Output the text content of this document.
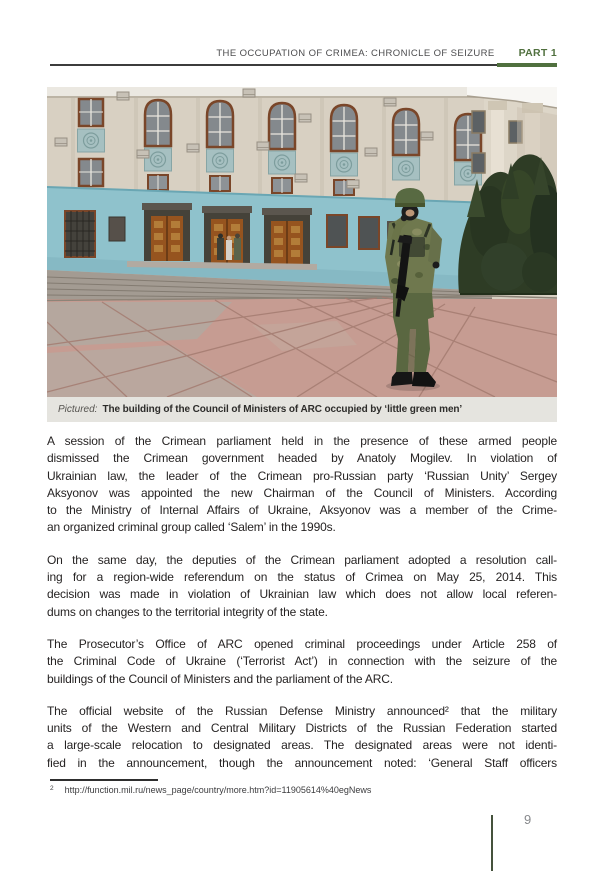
THE OCCUPATION OF CRIMEA: CHRONICLE OF SEIZURE PART 1
Pictured: The building of the Council of Ministers of ARC occupied by ‘little green men’
A session of the Crimean parliament held in the presence of these armed people
dismissed the Crimean government headed by Anatoly Mogilev. In violation of
Ukrainian law, the leader of the Crimean pro-Russian party ‘Russian Unity’ Sergey
Aksyonov was appointed the new Chairman of the Council of Ministers. According
to the Ministry of Internal Affairs of Ukraine, Aksyonov was a member of the Crime-
an organized criminal group called ‘Salem’ in the 1990s.
On the same day, the deputies of the Crimean parliament adopted a resolution call-
ing for a region-wide referendum on the status of Crimea on May 25, 2014. This
decision was made in violation of Ukrainian law which does not allow local referen-
dums on changes to the territorial integrity of the state.
The Prosecutor’s Office of ARC opened criminal proceedings under Article 258 of
the Criminal Code of Ukraine (‘Terrorist Act’) in connection with the seizure of the
buildings of the Council of Ministers and the parliament of the ARC.
The official website of the Russian Defense Ministry announced² that the military
units of the Western and Central Military Districts of the Russian Federation started
a large-scale relocation to designated areas. The designated areas were not identi-
fied in the announcement, though the announcement noted: ‘General Staff officers
$^2$ http://function.mil.ru/news_page/country/more.htm?id=11905614%40egNews
9
